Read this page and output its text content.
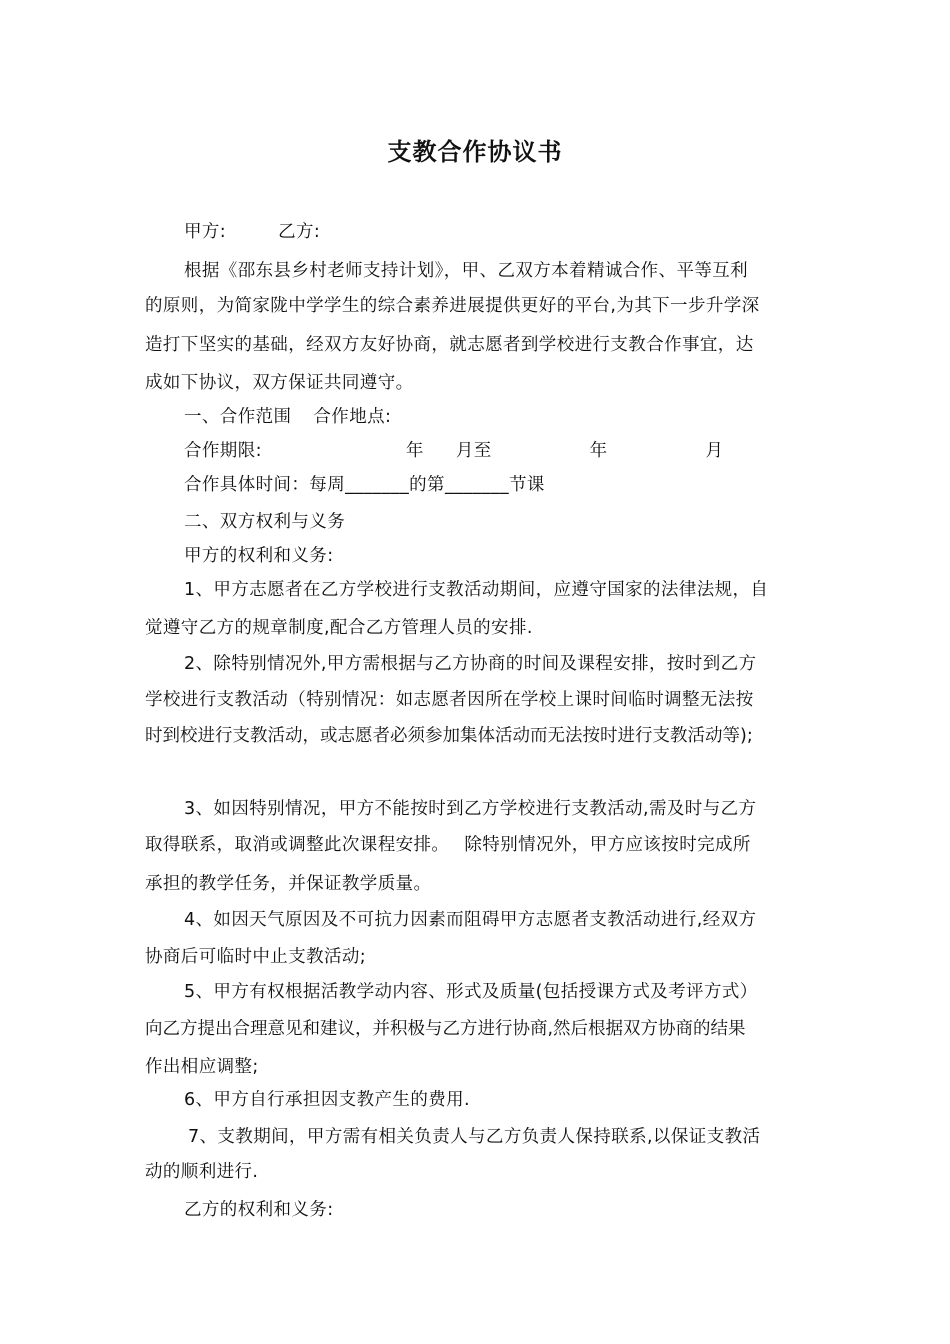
支教合作协议书
甲方:	乙方:
根据《邵东县乡村老师支持计划》，甲、乙双方本着精诚合作、平等互利
的原则，为简家陇中学学生的综合素养进展提供更好的平台,为其下一步升学深
造打下坚实的基础，经双方友好协商，就志愿者到学校进行支教合作事宜，达
成如下协议，双方保证共同遵守。
一、合作范围 合作地点:
合作期限:	年 月至	年	月
合作具体时间：每周_______的第_______节课
二、双方权利与义务
甲方的权利和义务:
1、甲方志愿者在乙方学校进行支教活动期间，应遵守国家的法律法规，自
觉遵守乙方的规章制度,配合乙方管理人员的安排.
2、除特别情况外,甲方需根据与乙方协商的时间及课程安排，按时到乙方
学校进行支教活动（特别情况：如志愿者因所在学校上课时间临时调整无法按
时到校进行支教活动，或志愿者必须参加集体活动而无法按时进行支教活动等);
3、如因特别情况，甲方不能按时到乙方学校进行支教活动,需及时与乙方
取得联系，取消或调整此次课程安排。　 除特别情况外，甲方应该按时完成所
承担的教学任务，并保证教学质量。
4、如因天气原因及不可抗力因素而阻碍甲方志愿者支教活动进行,经双方
协商后可临时中止支教活动;
5、甲方有权根据活教学动内容、形式及质量(包括授课方式及考评方式）
向乙方提出合理意见和建议，并积极与乙方进行协商,然后根据双方协商的结果
作出相应调整;
6、甲方自行承担因支教产生的费用.
7、支教期间，甲方需有相关负责人与乙方负责人保持联系,以保证支教活
动的顺利进行.
乙方的权利和义务:
